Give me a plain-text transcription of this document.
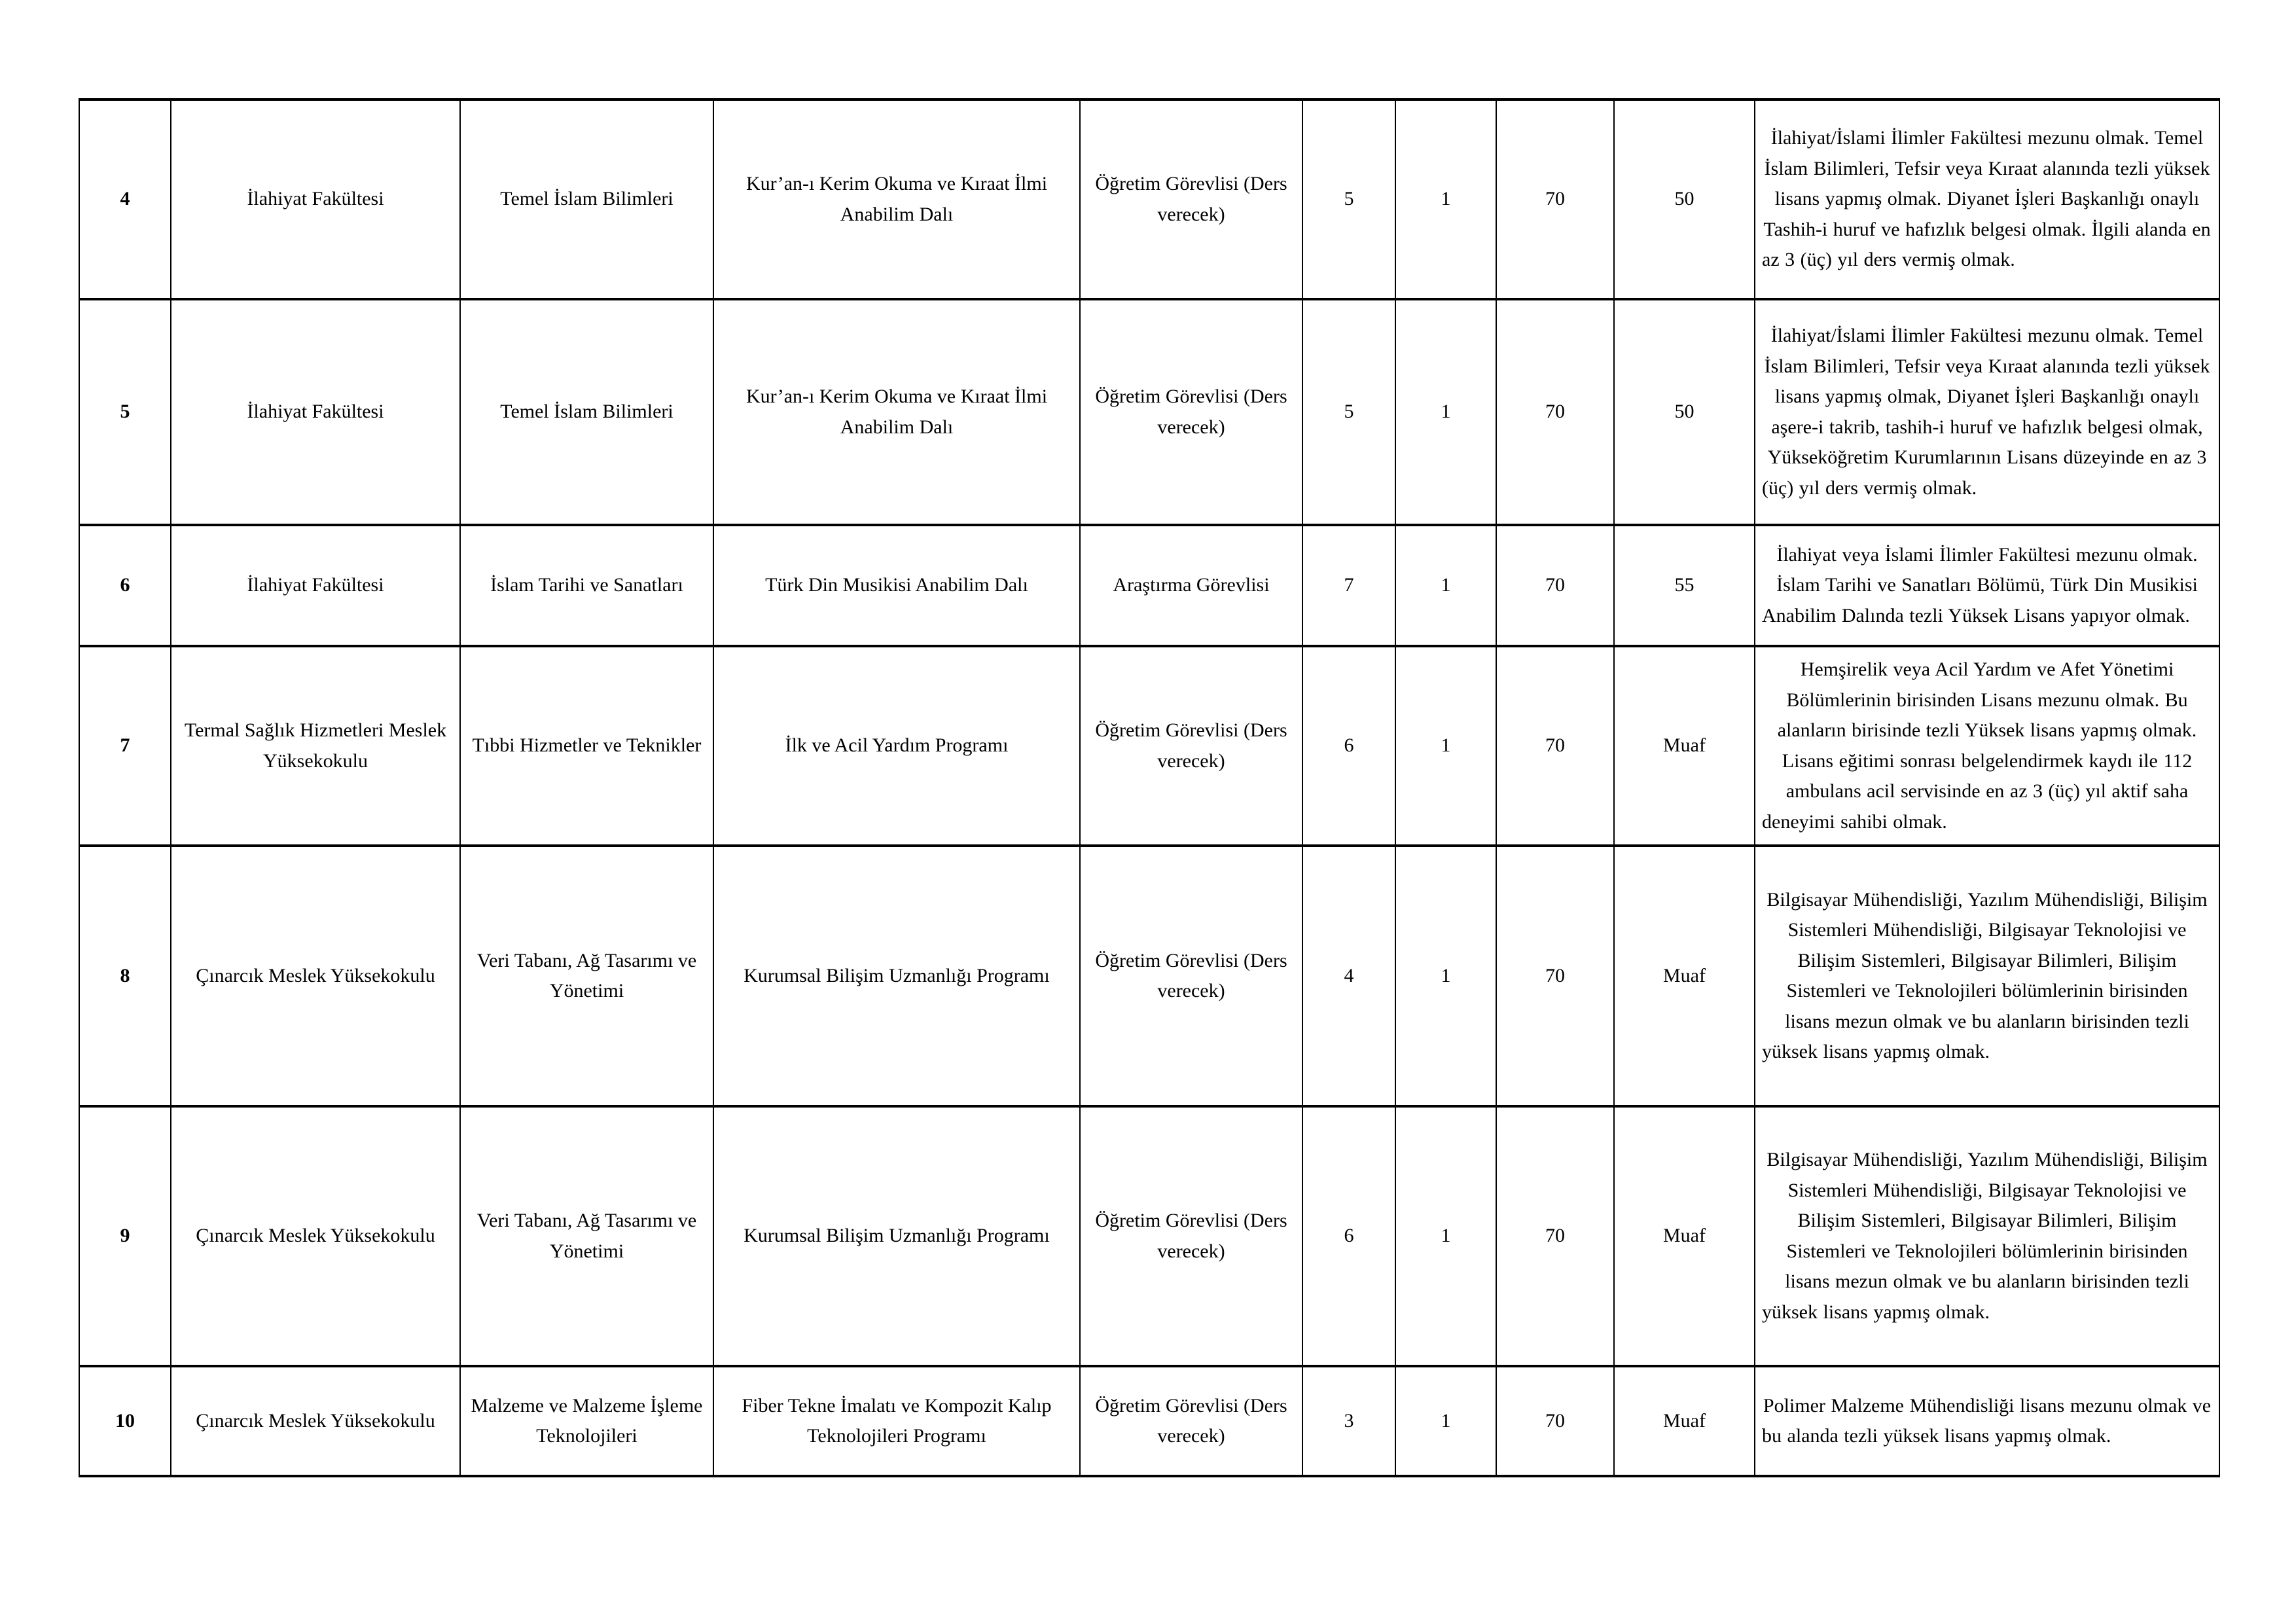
4	İlahiyat Fakültesi	Temel İslam Bilimleri	Kur’an-ı Kerim Okuma ve Kıraat İlmi Anabilim Dalı	Öğretim Görevlisi (Ders verecek)	5	1	70	50	İlahiyat/İslami İlimler Fakültesi mezunu olmak. Temel İslam Bilimleri, Tefsir veya Kıraat alanında tezli yüksek lisans yapmış olmak. Diyanet İşleri Başkanlığı onaylı Tashih-i huruf ve hafızlık belgesi olmak. İlgili alanda en az 3 (üç) yıl ders vermiş olmak.
5	İlahiyat Fakültesi	Temel İslam Bilimleri	Kur’an-ı Kerim Okuma ve Kıraat İlmi Anabilim Dalı	Öğretim Görevlisi (Ders verecek)	5	1	70	50	İlahiyat/İslami İlimler Fakültesi mezunu olmak. Temel İslam Bilimleri, Tefsir veya Kıraat alanında tezli yüksek lisans yapmış olmak, Diyanet İşleri Başkanlığı onaylı aşere-i takrib, tashih-i huruf ve hafızlık belgesi olmak, Yükseköğretim Kurumlarının Lisans düzeyinde en az 3 (üç) yıl ders vermiş olmak.
6	İlahiyat Fakültesi	İslam Tarihi ve Sanatları	Türk Din Musikisi Anabilim Dalı	Araştırma Görevlisi	7	1	70	55	İlahiyat veya İslami İlimler Fakültesi mezunu olmak. İslam Tarihi ve Sanatları Bölümü, Türk Din Musikisi Anabilim Dalında tezli Yüksek Lisans yapıyor olmak.
7	Termal Sağlık Hizmetleri Meslek Yüksekokulu	Tıbbi Hizmetler ve Teknikler	İlk ve Acil Yardım Programı	Öğretim Görevlisi (Ders verecek)	6	1	70	Muaf	Hemşirelik veya Acil Yardım ve Afet Yönetimi Bölümlerinin birisinden Lisans mezunu olmak. Bu alanların birisinde tezli Yüksek lisans yapmış olmak. Lisans eğitimi sonrası belgelendirmek kaydı ile 112 ambulans acil servisinde en az 3 (üç) yıl aktif saha deneyimi sahibi olmak.
8	Çınarcık Meslek Yüksekokulu	Veri Tabanı, Ağ Tasarımı ve Yönetimi	Kurumsal Bilişim Uzmanlığı Programı	Öğretim Görevlisi (Ders verecek)	4	1	70	Muaf	Bilgisayar Mühendisliği, Yazılım Mühendisliği, Bilişim Sistemleri Mühendisliği, Bilgisayar Teknolojisi ve Bilişim Sistemleri, Bilgisayar Bilimleri, Bilişim Sistemleri ve Teknolojileri bölümlerinin birisinden lisans mezun olmak ve bu alanların birisinden tezli yüksek lisans yapmış olmak.
9	Çınarcık Meslek Yüksekokulu	Veri Tabanı, Ağ Tasarımı ve Yönetimi	Kurumsal Bilişim Uzmanlığı Programı	Öğretim Görevlisi (Ders verecek)	6	1	70	Muaf	Bilgisayar Mühendisliği, Yazılım Mühendisliği, Bilişim Sistemleri Mühendisliği, Bilgisayar Teknolojisi ve Bilişim Sistemleri, Bilgisayar Bilimleri, Bilişim Sistemleri ve Teknolojileri bölümlerinin birisinden lisans mezun olmak ve bu alanların birisinden tezli yüksek lisans yapmış olmak.
10	Çınarcık Meslek Yüksekokulu	Malzeme ve Malzeme İşleme Teknolojileri	Fiber Tekne İmalatı ve Kompozit Kalıp Teknolojileri Programı	Öğretim Görevlisi (Ders verecek)	3	1	70	Muaf	Polimer Malzeme Mühendisliği lisans mezunu olmak ve bu alanda tezli yüksek lisans yapmış olmak.
